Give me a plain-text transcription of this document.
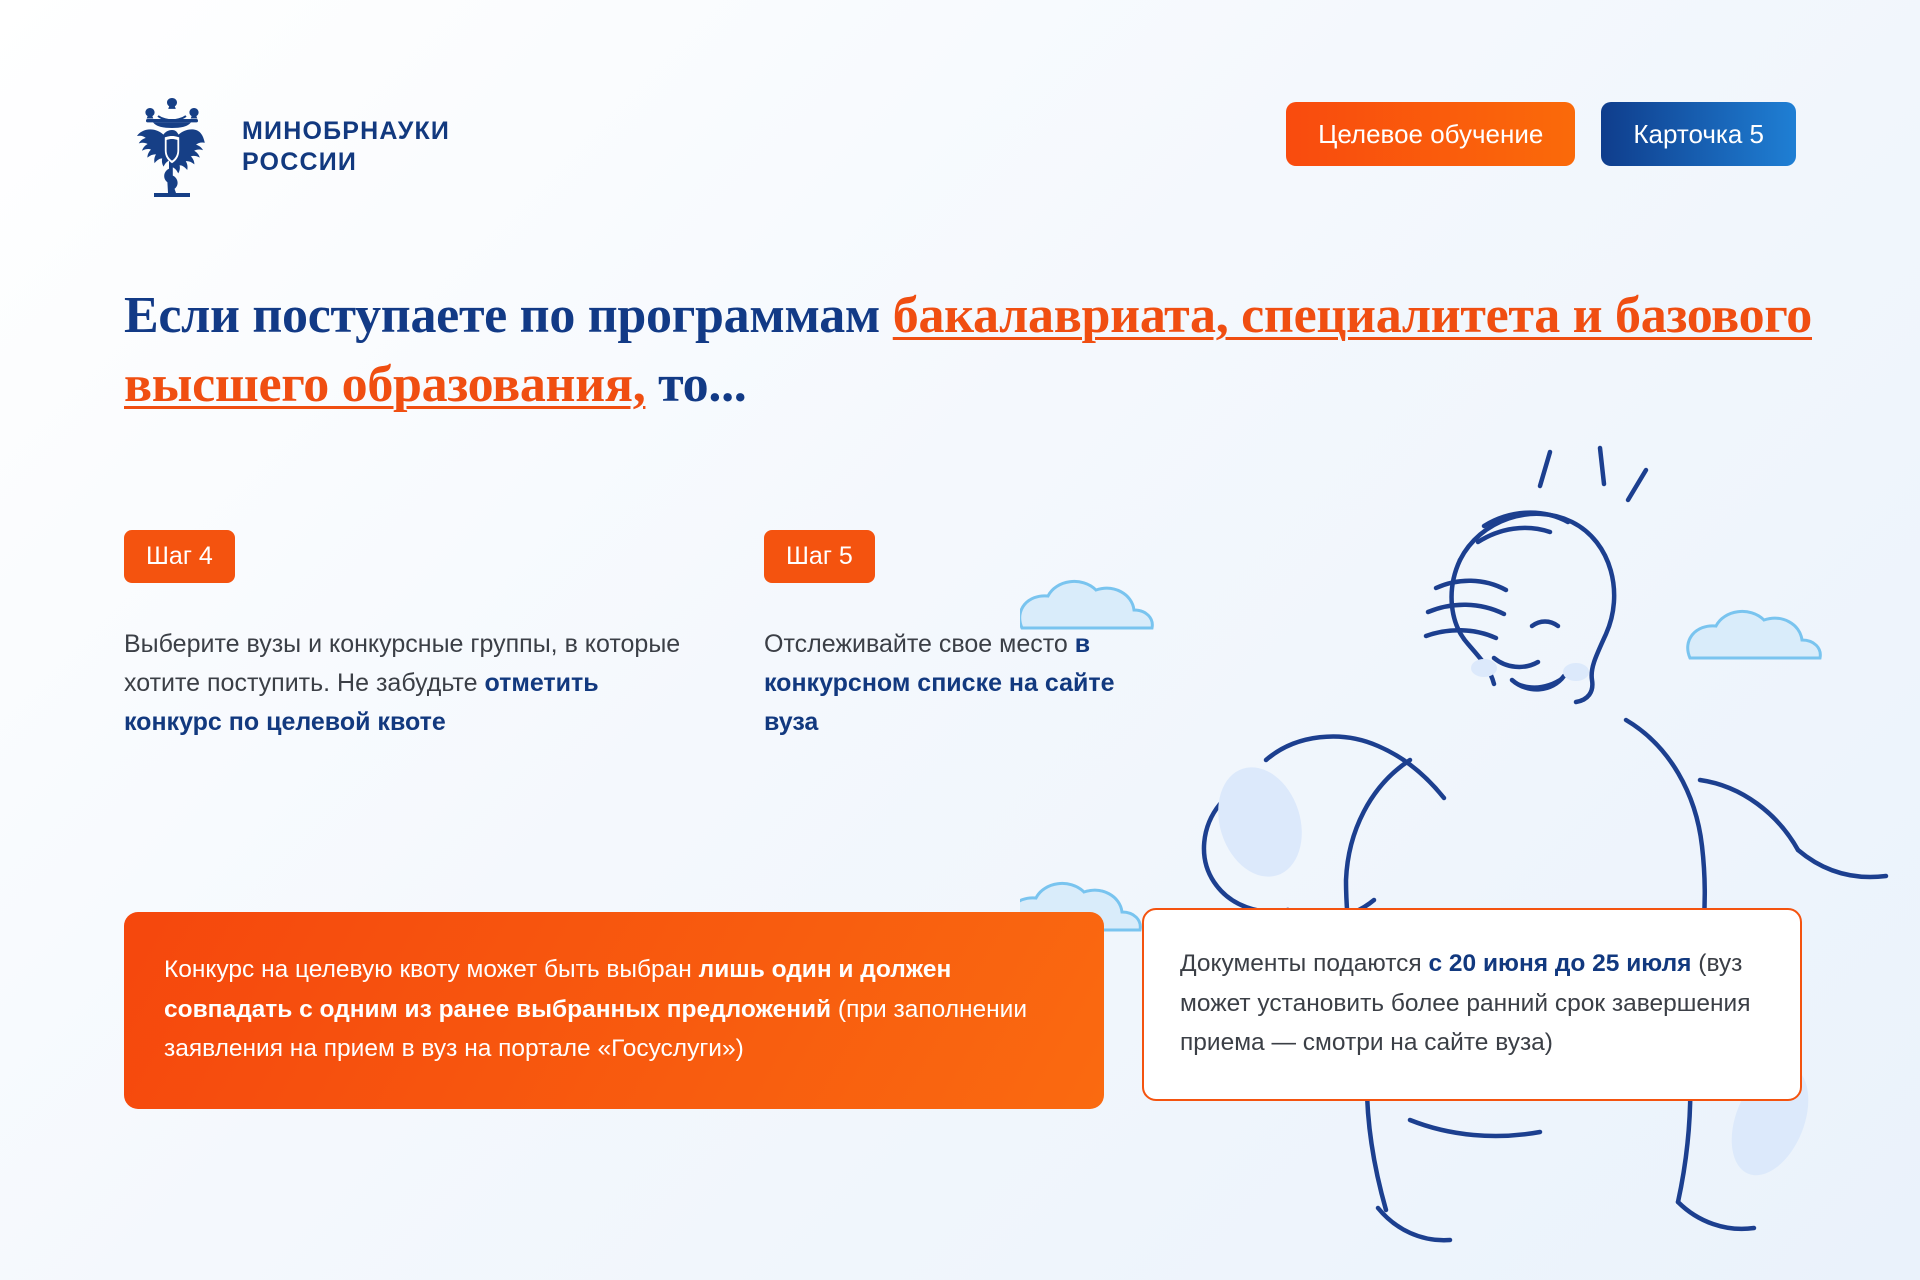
МИНОБРНАУКИ
РОССИИ
Целевое обучение	Карточка 5
Если поступаете по программам бакалавриата, специалитета и базового высшего образования, то...
Шаг 4
Выберите вузы и конкурсные группы, в которые хотите поступить. Не забудьте отметить конкурс по целевой квоте
Шаг 5
Отслеживайте свое место в конкурсном списке на сайте вуза
Конкурс на целевую квоту может быть выбран лишь один и должен совпадать с одним из ранее выбранных предложений (при заполнении заявления на прием в вуз на портале «Госуслуги»)
Документы подаются с 20 июня до 25 июля (вуз может установить более ранний срок завершения приема — смотри на сайте вуза)
